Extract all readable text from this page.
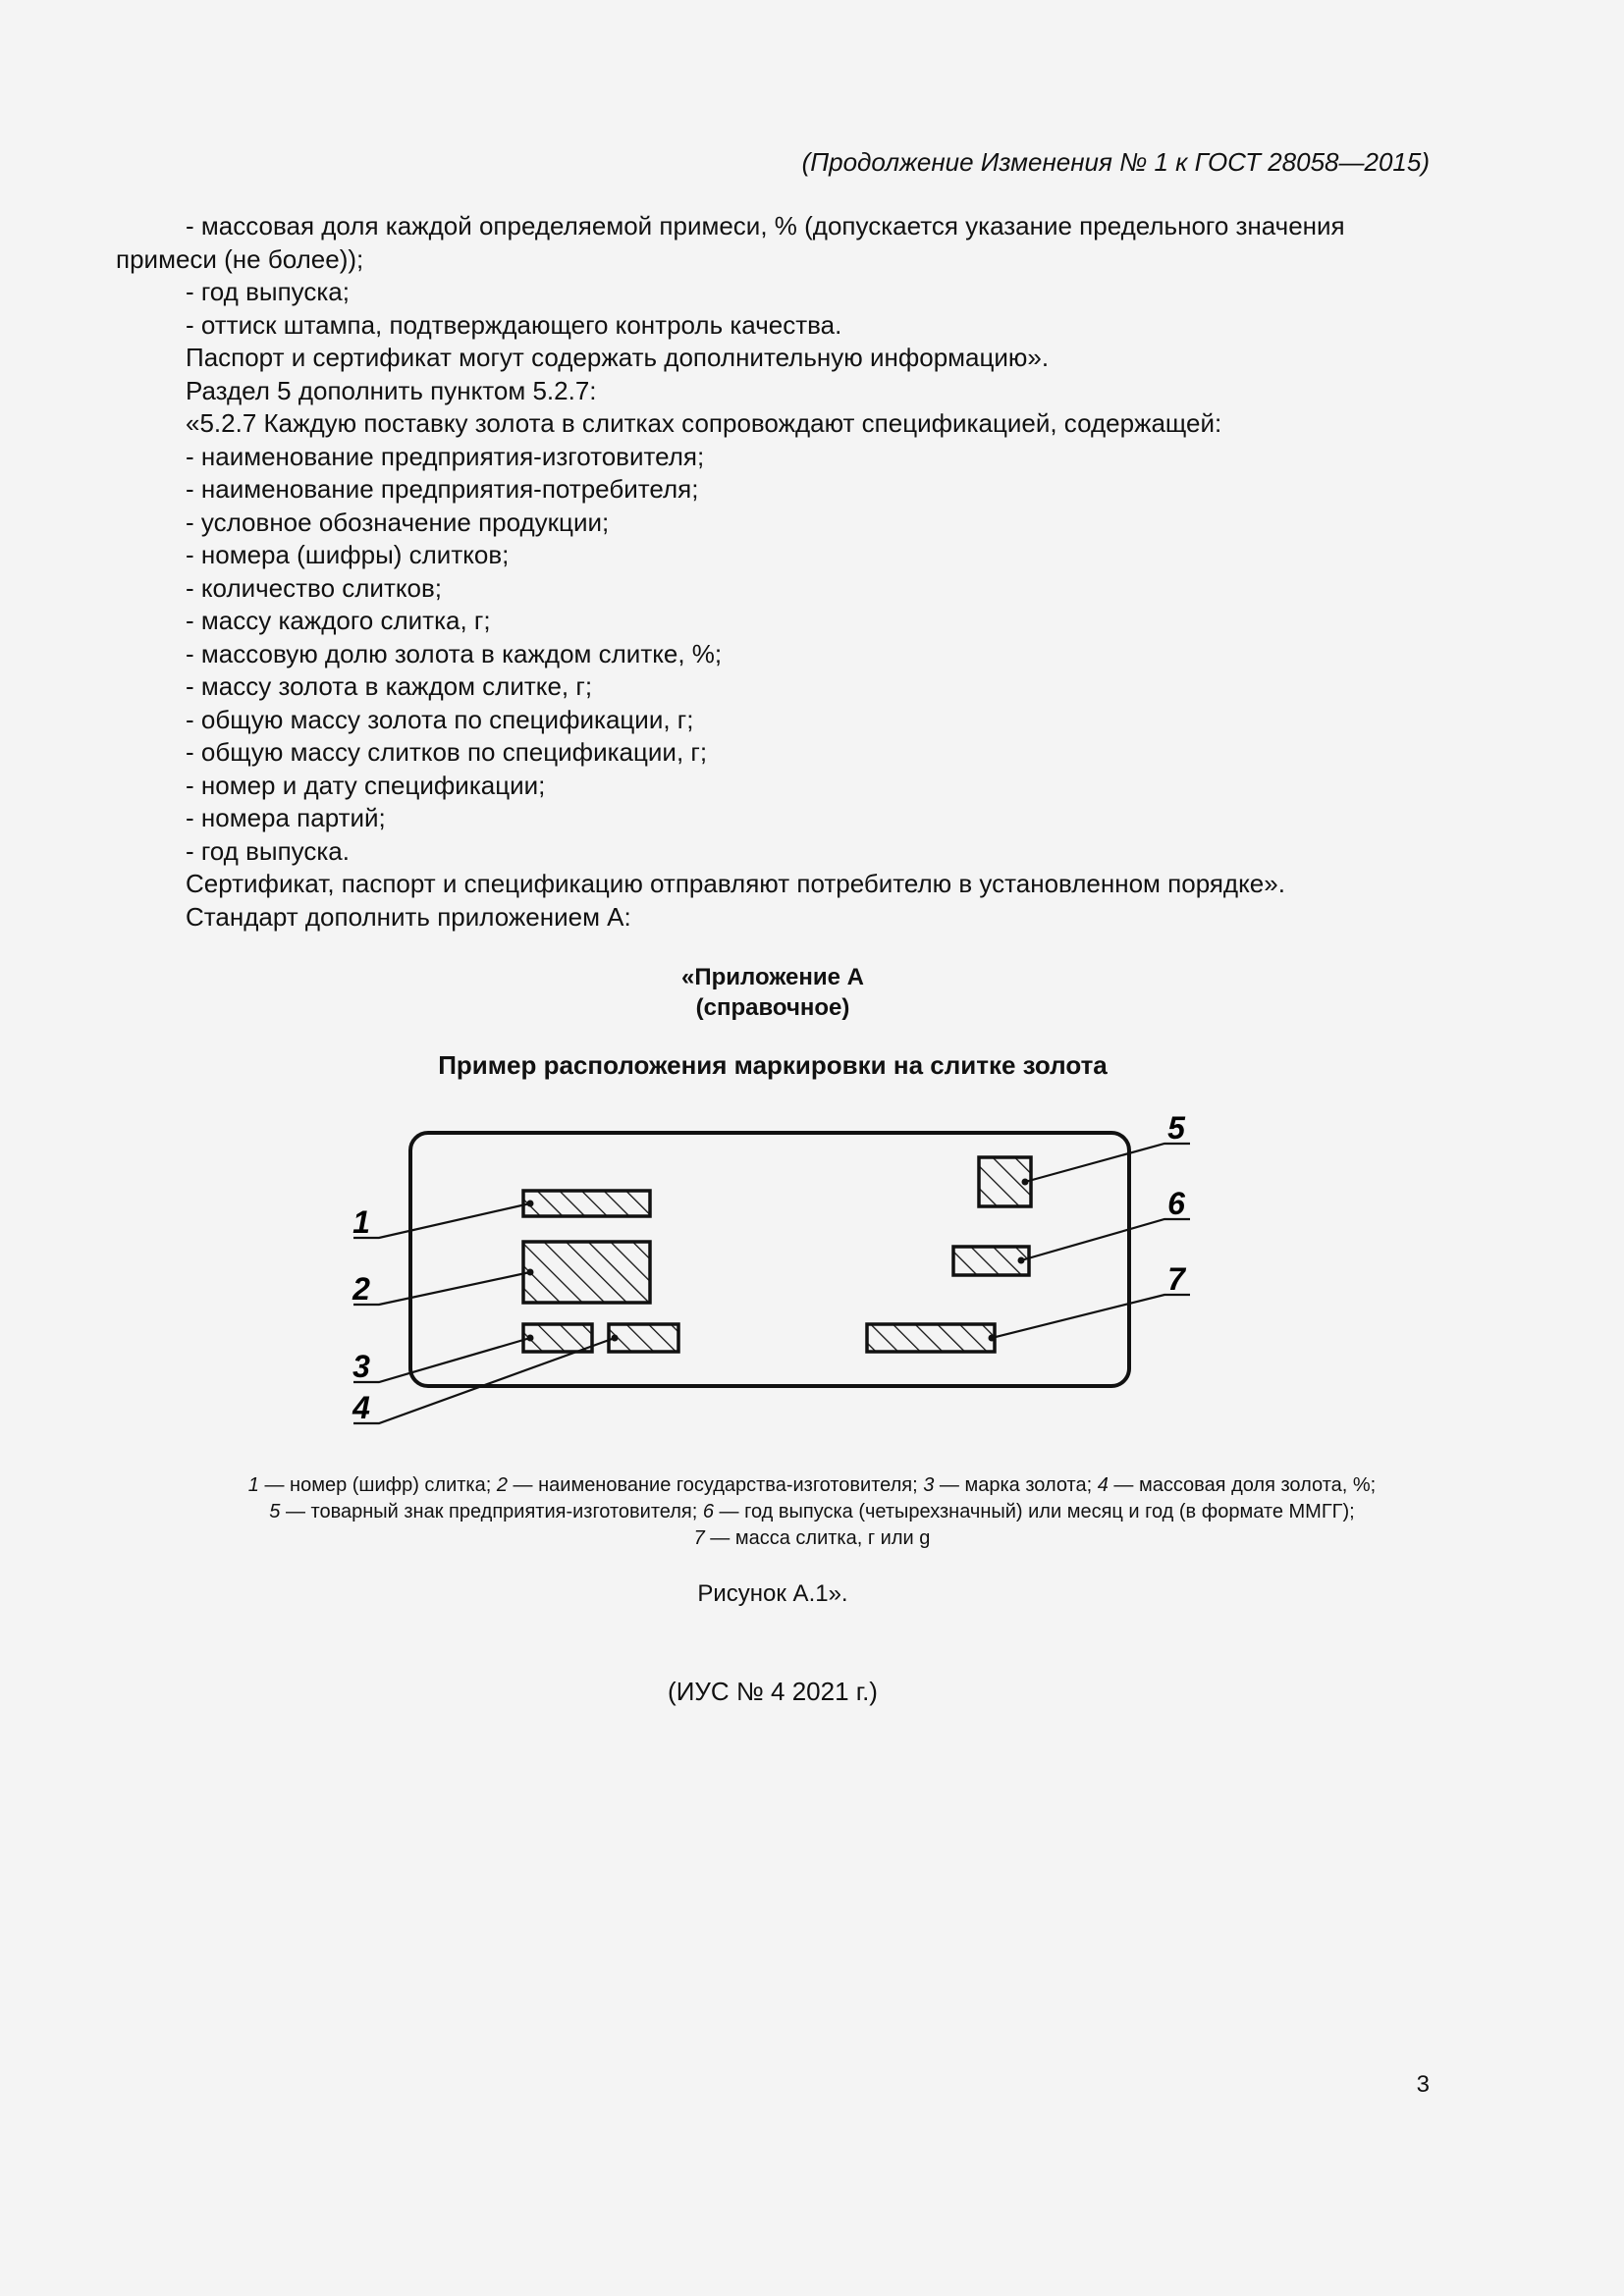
(Продолжение Изменения № 1 к ГОСТ 28058—2015)

- массовая доля каждой определяемой примеси, % (допускается указание предельного значения примеси (не более));

- год выпуска;

- оттиск штампа, подтверждающего контроль качества.

Паспорт и сертификат могут содержать дополнительную информацию».

Раздел 5 дополнить пунктом 5.2.7:

«5.2.7 Каждую поставку золота в слитках сопровождают спецификацией, содержащей:

- наименование предприятия-изготовителя;

- наименование предприятия-потребителя;

- условное обозначение продукции;

- номера (шифры) слитков;

- количество слитков;

- массу каждого слитка, г;

- массовую долю золота в каждом слитке, %;

- массу золота в каждом слитке, г;

- общую массу золота по спецификации, г;

- общую массу слитков по спецификации, г;

- номер и дату спецификации;

- номера партий;

- год выпуска.

Сертификат, паспорт и спецификацию отправляют потребителю в установленном порядке».

Стандарт дополнить приложением А:

«Приложение А
(справочное)
Пример расположения маркировки на слитке золота
1
2
3
4
5
6
7
1 — номер (шифр) слитка; 2 — наименование государства-изготовителя; 3 — марка золота; 4 — массовая доля золота, %;
5 — товарный знак предприятия-изготовителя; 6 — год выпуска (четырехзначный) или месяц и год (в формате ММГГ);
7 — масса слитка, г или g
Рисунок А.1».
(ИУС № 4 2021 г.)
3
